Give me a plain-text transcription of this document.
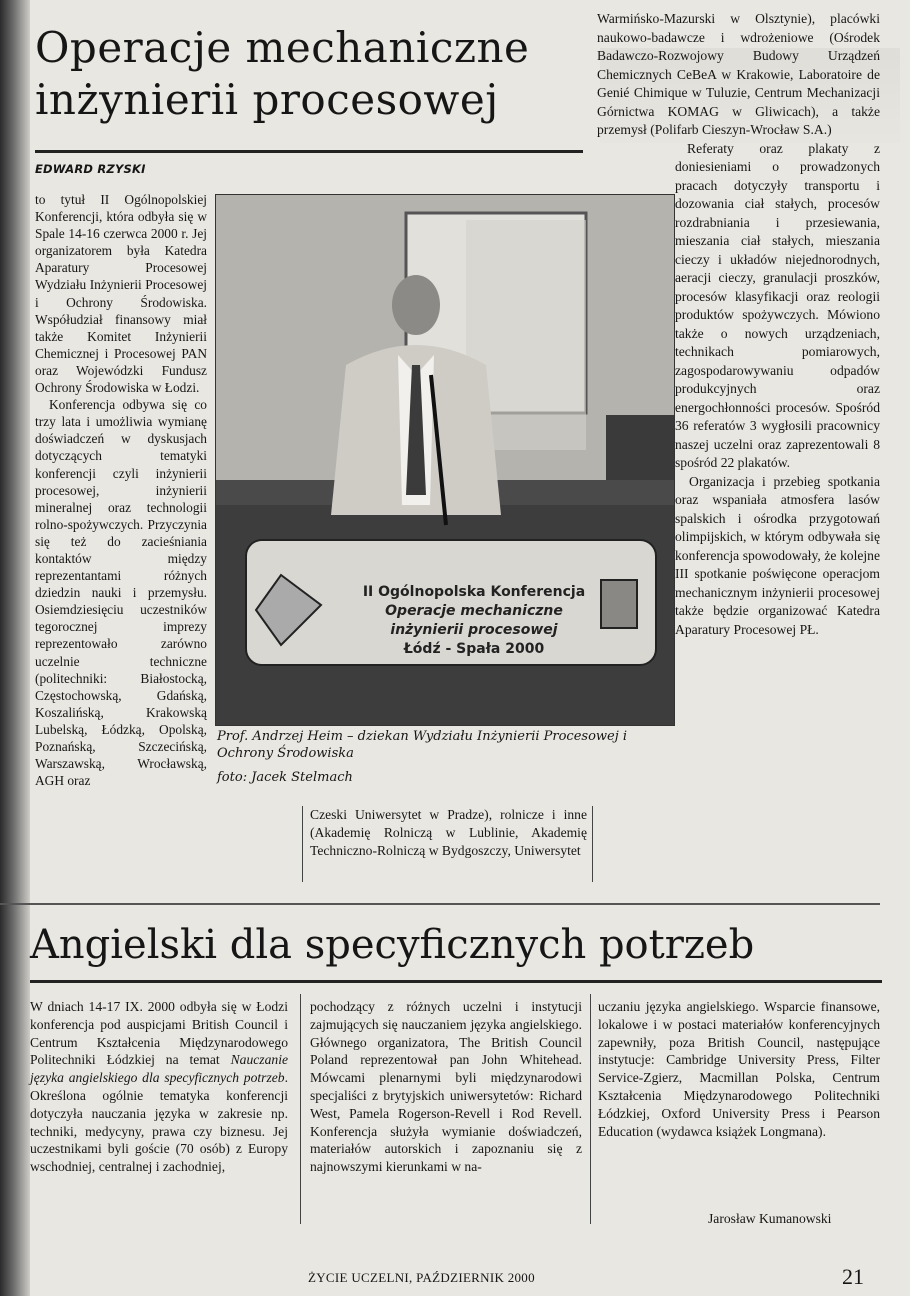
Operacje mechaniczne inżynierii procesowej
EDWARD RZYSKI

to tytuł II Ogólnopolskiej Konferencji, która odbyła się w Spale 14-16 czerwca 2000 r. Jej organizatorem była Katedra Aparatury Procesowej Wydziału Inżynierii Procesowej i Ochrony Środowiska. Współudział finansowy miał także Komitet Inżynierii Chemicznej i Procesowej PAN oraz Wojewódzki Fundusz Ochrony Środowiska w Łodzi.

Konferencja odbywa się co trzy lata i umożliwia wymianę doświadczeń w dyskusjach dotyczących tematyki konferencji czyli inżynierii procesowej, inżynierii mineralnej oraz technologii rolno-spożywczych. Przyczynia się też do zacieśniania kontaktów między reprezentantami różnych dziedzin nauki i przemysłu. Osiemdziesięciu uczestników tegorocznej imprezy reprezentowało zarówno uczelnie techniczne (politechniki: Białostocką, Częstochowską, Gdańską, Koszalińską, Krakowską Lubelską, Łódzką, Opolską, Poznańską, Szczecińską, Warszawską, Wrocławską, AGH oraz

II Ogólnopolska Konferencja
Operacje mechaniczne
inżynierii procesowej
Łódź - Spała 2000
Prof. Andrzej Heim – dziekan Wydziału Inżynierii Procesowej i Ochrony Środowiska
foto: Jacek Stelmach

Czeski Uniwersytet w Pradze), rolnicze i inne (Akademię Rolniczą w Lublinie, Akademię Techniczno-Rolniczą w Bydgoszczy, Uniwersytet

Warmińsko-Mazurski w Olsztynie), placówki naukowo-badawcze i wdrożeniowe (Ośrodek Badawczo-Rozwojowy Budowy Urządzeń Chemicznych CeBeA w Krakowie, Laboratoire de Genié Chimique w Tuluzie, Centrum Mechanizacji Górnictwa KOMAG w Gliwicach), a także przemysł (Polifarb Cieszyn-Wrocław S.A.)

Referaty oraz plakaty z doniesieniami o prowadzonych pracach dotyczyły transportu i dozowania ciał stałych, procesów rozdrabniania i przesiewania, mieszania ciał stałych, mieszania cieczy i układów niejednorodnych, aeracji cieczy, granulacji proszków, procesów klasyfikacji oraz reologii produktów spożywczych. Mówiono także o nowych urządzeniach, technikach pomiarowych, zagospodarowywaniu odpadów produkcyjnych oraz energochłonności procesów. Spośród 36 referatów 3 wygłosili pracownicy naszej uczelni oraz zaprezentowali 8 spośród 22 plakatów.

Organizacja i przebieg spotkania oraz wspaniała atmosfera lasów spalskich i ośrodka przygotowań olimpijskich, w którym odbywała się konferencja spowodowały, że kolejne III spotkanie poświęcone operacjom mechanicznym inżynierii procesowej także będzie organizować Katedra Aparatury Procesowej PŁ.

Angielski dla specyficznych potrzeb

W dniach 14-17 IX. 2000 odbyła się w Łodzi konferencja pod auspicjami British Council i Centrum Kształcenia Międzynarodowego Politechniki Łódzkiej na temat Nauczanie języka angielskiego dla specyficznych potrzeb. Określona ogólnie tematyka konferencji dotyczyła nauczania języka w zakresie np. techniki, medycyny, prawa czy biznesu. Jej uczestnikami byli goście (70 osób) z Europy wschodniej, centralnej i zachodniej,

pochodzący z różnych uczelni i instytucji zajmujących się nauczaniem języka angielskiego. Głównego organizatora, The British Council Poland reprezentował pan John Whitehead. Mówcami plenarnymi byli międzynarodowi specjaliści z brytyjskich uniwersytetów: Richard West, Pamela Rogerson-Revell i Rod Revell. Konferencja służyła wymianie doświadczeń, materiałów autorskich i zapoznaniu się z najnowszymi kierunkami w na-

uczaniu języka angielskiego. Wsparcie finansowe, lokalowe i w postaci materiałów konferencyjnych zapewniły, poza British Council, następujące instytucje: Cambridge University Press, Filter Service-Zgierz, Macmillan Polska, Centrum Kształcenia Międzynarodowego Politechniki Łódzkiej, Oxford University Press i Pearson Education (wydawca książek Longmana).

Jarosław Kumanowski
ŻYCIE UCZELNI, PAŹDZIERNIK 2000	21
